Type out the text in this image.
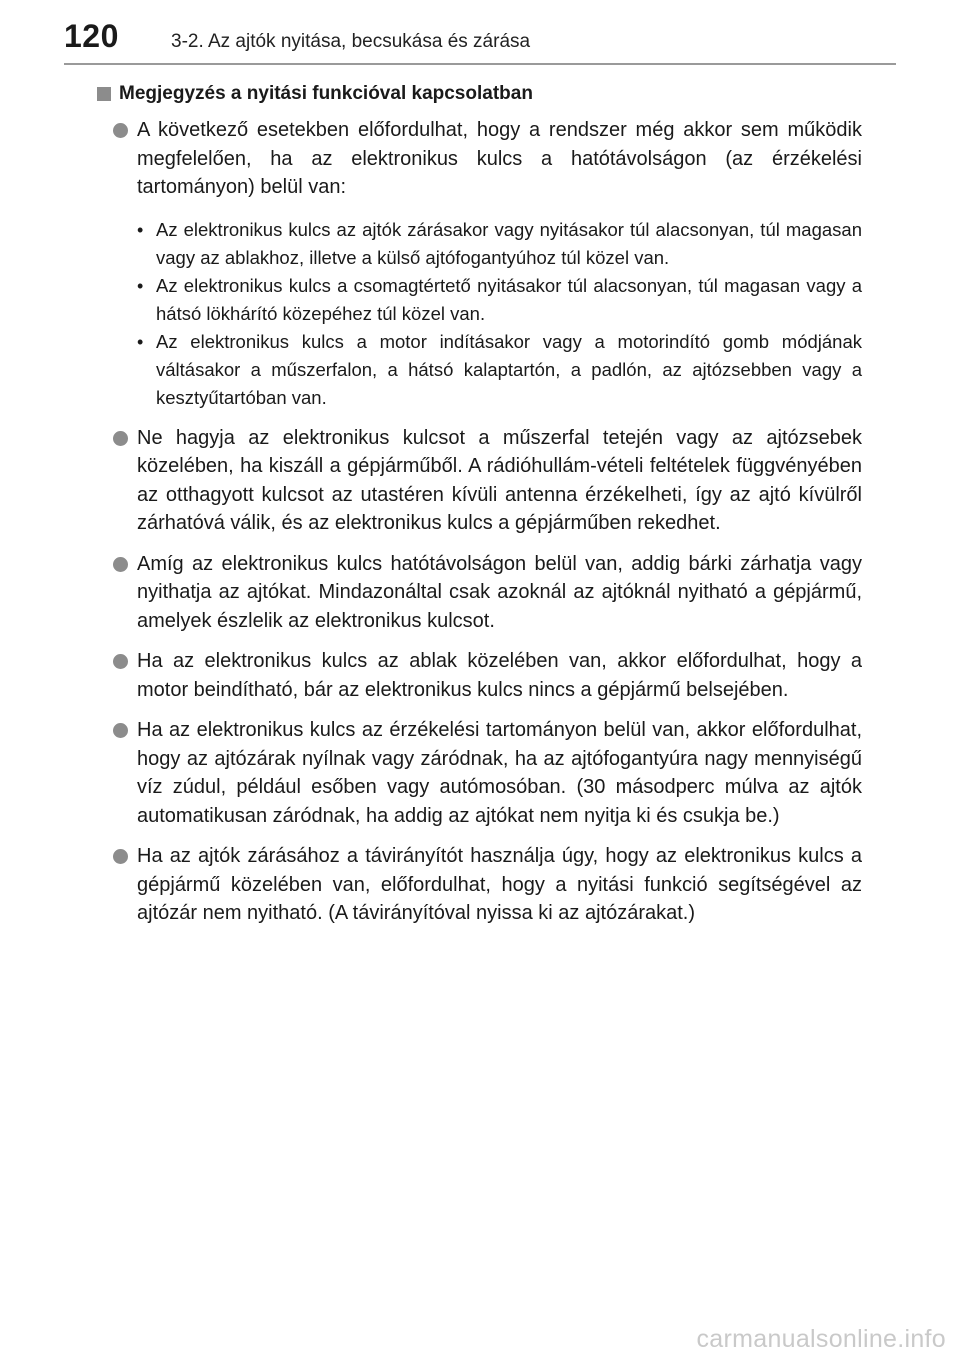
120	3-2. Az ajtók nyitása, becsukása és zárása
Megjegyzés a nyitási funkcióval kapcsolatban
A következő esetekben előfordulhat, hogy a rendszer még akkor sem működik megfelelően, ha az elektronikus kulcs a hatótávolságon (az érzékelési tartományon) belül van:
• Az elektronikus kulcs az ajtók zárásakor vagy nyitásakor túl alacsonyan, túl magasan vagy az ablakhoz, illetve a külső ajtófogantyúhoz túl közel van.
• Az elektronikus kulcs a csomagtértető nyitásakor túl alacsonyan, túl magasan vagy a hátsó lökhárító közepéhez túl közel van.
• Az elektronikus kulcs a motor indításakor vagy a motorindító gomb módjának váltásakor a műszerfalon, a hátsó kalaptartón, a padlón, az ajtózsebben vagy a kesztyűtartóban van.
Ne hagyja az elektronikus kulcsot a műszerfal tetején vagy az ajtózsebek közelében, ha kiszáll a gépjárműből. A rádióhullám-vételi feltételek függvényében az otthagyott kulcsot az utastéren kívüli antenna érzékelheti, így az ajtó kívülről zárhatóvá válik, és az elektronikus kulcs a gépjárműben rekedhet.
Amíg az elektronikus kulcs hatótávolságon belül van, addig bárki zárhatja vagy nyithatja az ajtókat. Mindazonáltal csak azoknál az ajtóknál nyitható a gépjármű, amelyek észlelik az elektronikus kulcsot.
Ha az elektronikus kulcs az ablak közelében van, akkor előfordulhat, hogy a motor beindítható, bár az elektronikus kulcs nincs a gépjármű belsejében.
Ha az elektronikus kulcs az érzékelési tartományon belül van, akkor előfordulhat, hogy az ajtózárak nyílnak vagy záródnak, ha az ajtófogantyúra nagy mennyiségű víz zúdul, például esőben vagy autómosóban. (30 másodperc múlva az ajtók automatikusan záródnak, ha addig az ajtókat nem nyitja ki és csukja be.)
Ha az ajtók zárásához a távirányítót használja úgy, hogy az elektronikus kulcs a gépjármű közelében van, előfordulhat, hogy a nyitási funkció segítségével az ajtózár nem nyitható. (A távirányítóval nyissa ki az ajtózárakat.)
carmanualsonline.info
